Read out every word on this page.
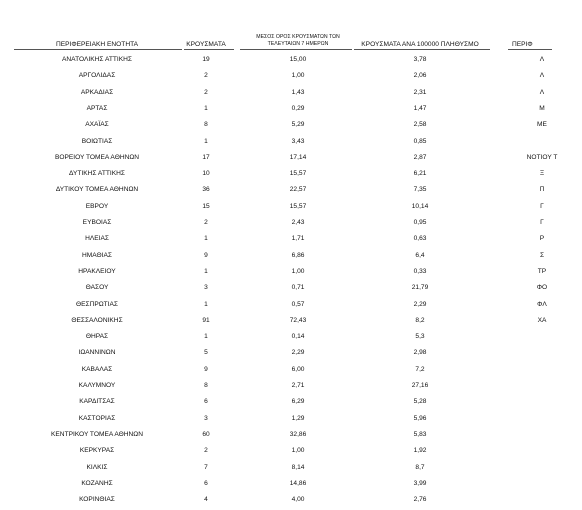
ΠΕΡΙΦΕΡΕΙΑΚΗ ΕΝΟΤΗΤΑ	ΚΡΟΥΣΜΑΤΑ
ΜΕΣΟΣ ΟΡΟΣ ΚΡΟΥΣΜΑΤΩΝ ΤΩΝ
ΤΕΛΕΥΤΑΙΩΝ 7 ΗΜΕΡΩΝ	ΚΡΟΥΣΜΑΤΑ ΑΝΑ 100000 ΠΛΗΘΥΣΜΟ	ΠΕΡΙΦ
ΑΝΑΤΟΛΙΚΗΣ ΑΤΤΙΚΗΣ	19	15,00	3,78	Λ
ΑΡΓΟΛΙΔΑΣ	2	1,00	2,06	Λ
ΑΡΚΑΔΙΑΣ	2	1,43	2,31	Λ
ΑΡΤΑΣ	1	0,29	1,47	Μ
ΑΧΑΪΑΣ	8	5,29	2,58	ΜΕ
ΒΟΙΩΤΙΑΣ	1	3,43	0,85
ΒΟΡΕΙΟΥ ΤΟΜΕΑ ΑΘΗΝΩΝ	17	17,14	2,87	ΝΟΤΙΟΥ Τ
ΔΥΤΙΚΗΣ ΑΤΤΙΚΗΣ	10	15,57	6,21	Ξ
ΔΥΤΙΚΟΥ ΤΟΜΕΑ ΑΘΗΝΩΝ	36	22,57	7,35	Π
ΕΒΡΟΥ	15	15,57	10,14	Γ
ΕΥΒΟΙΑΣ	2	2,43	0,95	Γ
ΗΛΕΙΑΣ	1	1,71	0,63	Ρ
ΗΜΑΘΙΑΣ	9	6,86	6,4	Σ
ΗΡΑΚΛΕΙΟΥ	1	1,00	0,33	ΤΡ
ΘΑΣΟΥ	3	0,71	21,79	ΦΟ
ΘΕΣΠΡΩΤΙΑΣ	1	0,57	2,29	ΦΛ
ΘΕΣΣΑΛΟΝΙΚΗΣ	91	72,43	8,2	ΧΑ
ΘΗΡΑΣ	1	0,14	5,3
ΙΩΑΝΝΙΝΩΝ	5	2,29	2,98
ΚΑΒΑΛΑΣ	9	6,00	7,2
ΚΑΛΥΜΝΟΥ	8	2,71	27,16
ΚΑΡΔΙΤΣΑΣ	6	6,29	5,28
ΚΑΣΤΟΡΙΑΣ	3	1,29	5,96
ΚΕΝΤΡΙΚΟΥ ΤΟΜΕΑ ΑΘΗΝΩΝ	60	32,86	5,83
ΚΕΡΚΥΡΑΣ	2	1,00	1,92
ΚΙΛΚΙΣ	7	8,14	8,7
ΚΟΖΑΝΗΣ	6	14,86	3,99
ΚΟΡΙΝΘΙΑΣ	4	4,00	2,76
